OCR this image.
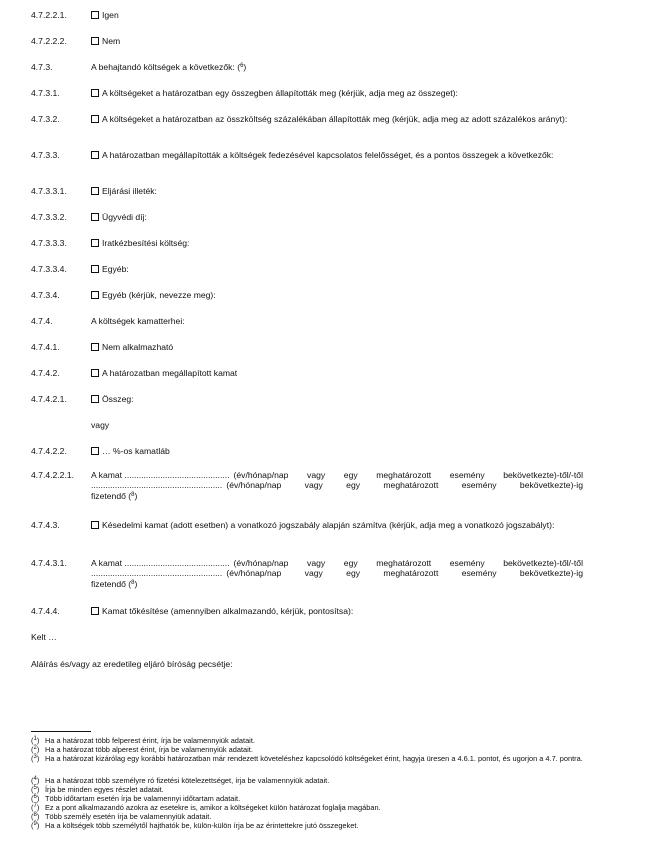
4.7.2.2.1.	Igen
4.7.2.2.2.	Nem
4.7.3.	A behajtandó költségek a következők: ($^6$)
4.7.3.1.	A költségeket a határozatban egy összegben állapították meg (kérjük, adja meg az összeget):
4.7.3.2.	A költségeket a határozatban az összköltség százalékában állapították meg (kérjük, adja meg az adott százalékos arányt):
4.7.3.3.	A határozatban megállapították a költségek fedezésével kapcsolatos felelősséget, és a pontos összegek a következők:
4.7.3.3.1.	Eljárási illeték:
4.7.3.3.2.	Ügyvédi díj:
4.7.3.3.3.	Iratkézbesítési költség:
4.7.3.3.4.	Egyéb:
4.7.3.4.	Egyéb (kérjük, nevezze meg):
4.7.4.	A költségek kamatterhei:
4.7.4.1.	Nem alkalmazható
4.7.4.2.	A határozatban megállapított kamat
4.7.4.2.1.	Összeg:
vagy
4.7.4.2.2.	… %-os kamatláb
4.7.4.2.2.1. A kamat ............................................ (év/hónap/nap vagy egy meghatározott esemény bekövetkezte)-től/-től
....................................................... (év/hónap/nap vagy egy meghatározott esemény bekövetkezte)-ig
fizetendő ($^8$)
4.7.4.3.	Késedelmi kamat (adott esetben) a vonatkozó jogszabály alapján számítva (kérjük, adja meg a vonatkozó jogszabályt):
4.7.4.3.1.	A kamat ............................................ (év/hónap/nap vagy egy meghatározott esemény bekövetkezte)-től/-től
....................................................... (év/hónap/nap vagy egy meghatározott esemény bekövetkezte)-ig
fizetendő ($^8$)
4.7.4.4.	Kamat tőkésítése (amennyiben alkalmazandó, kérjük, pontosítsa):
Kelt …
Aláírás és/vagy az eredetileg eljáró bíróság pecsétje:
($^1$) Ha a határozat több felperest érint, írja be valamennyiük adatait.
($^2$) Ha a határozat több alperest érint, írja be valamennyiük adatait.
($^3$) Ha a határozat kizárólag egy korábbi határozatban már rendezett követeléshez kapcsolódó költségeket érint, hagyja üresen a 4.6.1. pontot, és ugorjon a 4.7. pontra.
($^4$) Ha a határozat több személyre ró fizetési kötelezettséget, írja be valamennyiük adatait.
($^5$) Írja be minden egyes részlet adatait.
($^6$) Több időtartam esetén írja be valamennyi időtartam adatait.
($^7$) Ez a pont alkalmazandó azokra az esetekre is, amikor a költségeket külön határozat foglalja magában.
($^8$) Több személy esetén írja be valamennyiük adatait.
($^9$) Ha a költségek több személytől hajthatók be, külön-külön írja be az érintettekre jutó összegeket.
